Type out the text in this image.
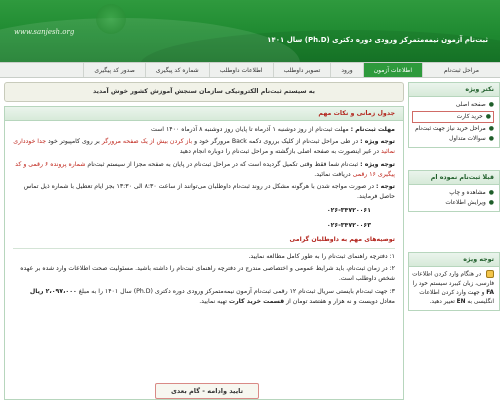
www.sanjesh.org
ثبت‌نام آزمون نیمه‌متمرکز ورودی دوره دکتری (Ph.D) سال ۱۴۰۱
مراحل ثبت‌نام
اطلاعات آزمون
ورود
تصویر داوطلب
اطلاعات داوطلب
شماره کد پیگیری
صدور کد پیگیری
به سیستم ثبت‌نام الکترونیکی سازمان سنجش آموزش کشور خوش آمدید
جدول زمانی و نکات مهم

مهلت ثبت‌نام : مهلت ثبت‌نام از روز دوشنبه ۱ آذرماه تا پایان روز دوشنبه ۸ آذرماه ۱۴۰۰ است

توجه ویژه : در طی مراحل ثبت‌نام از کلیک برروی دکمه Back مرورگر خود و باز کردن بیش از یک صفحه مرورگر بر روی کامپیوتر خود جدا خودداری نمائید در غیر اینصورت به صفحه اصلی بازگشته و مراحل ثبت‌نام را دوباره انجام دهید

توجه ویژه : ثبت‌نام شما فقط وقتی تکمیل گردیده است که در مراحل ثبت‌نام در پایان به صفحه مجزا از سیستم ثبت‌نام شماره پرونده ۶ رقمی و کد پیگیری ۱۶ رقمی دریافت نمائید.

توجه : در صورت مواجه شدن با هرگونه مشکل در روند ثبت‌نام داوطلبان می‌توانند از ساعت ۸:۳۰ الی ۱۳:۳۰ بجز ایام تعطیل با شماره ذیل تماس حاصل فرمایند.

۰۲۶-۳۴۷۲۰۰۶۱
۰۲۶-۳۴۷۲۰۰۶۳
توصیه‌های مهم به داوطلبان گرامی

۱: دفترچه راهنمای ثبت‌نام را به طور کامل مطالعه نمایید.

۲: در زمان ثبت‌نام، باید شرایط عمومی و اختصاصی مندرج در دفترچه راهنمای ثبت‌نام را داشته باشید. مسئولیت صحت اطلاعات وارد شده بر عهده شخص داوطلب است.

۳: جهت ثبت‌نام بایستی سریال ثبت‌نام ۱۲ رقمی ثبت‌نام آزمون نیمه‌متمرکز ورودی دوره دکتری (Ph.D) سال ۱۴۰۱ را به مبلغ ۲،۰۹۷،۰۰۰ ریال معادل دویست و نه هزار و هفتصد تومان از قسمت خرید کارت تهیه نمایید.

تایید وادامه - گام بعدی
نکتر ویژه
●
صفحه اصلی
●
خرید کارت
●
مراحل خرید نیاز جهت ثبت‌نام
●
سوالات متداول
قبلا ثبت‌نام نموده ام
●
مشاهده و چاپ
●
ویرایش اطلاعات
توجه ویژه
در هنگام وارد کردن اطلاعات فارسی، زبان کیبرد سیستم خود را FA و جهت وارد کردن اطلاعات انگلیسی به EN تغییر دهید.
